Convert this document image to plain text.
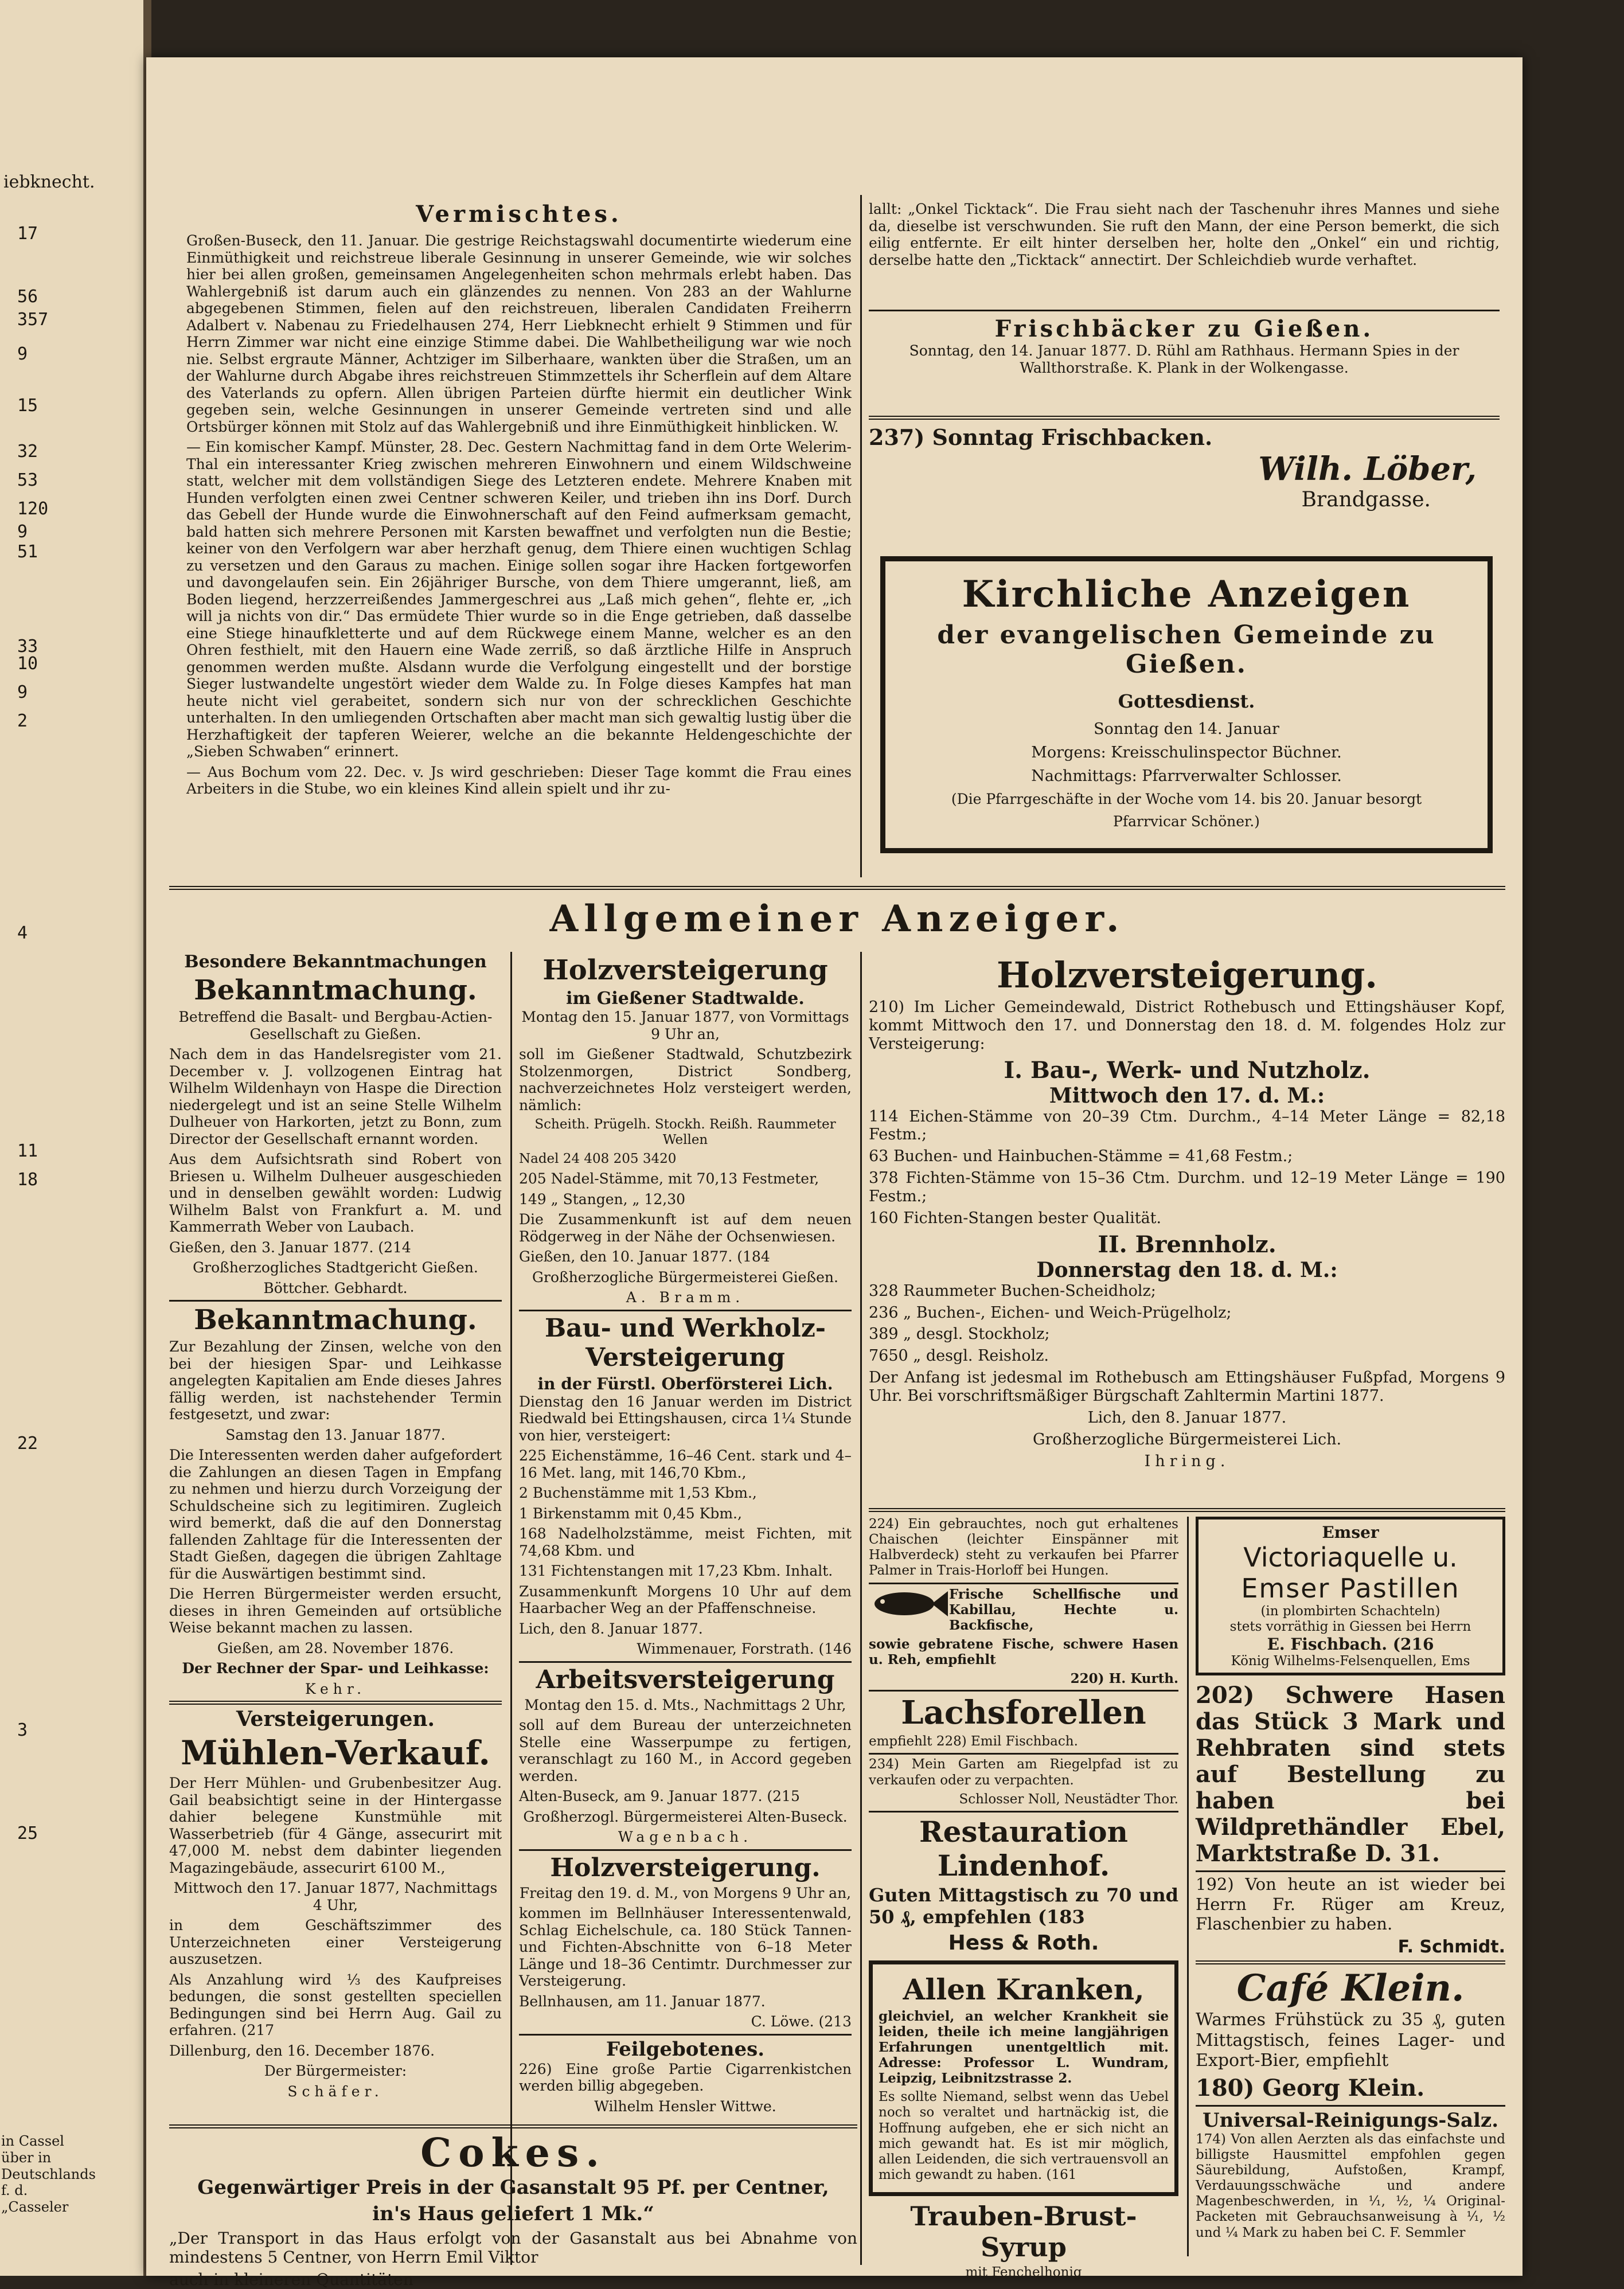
iebknecht.
17
56
357
9
15
32
53
120
9
51
33
10
9
2
4
11
18
22
3
25
in Cassel über in Deutschlands f. d. „Casseler
Vermischtes.

Großen-Buseck, den 11. Januar. Die gestrige Reichstagswahl documentirte wiederum eine Einmüthigkeit und reichstreue liberale Gesinnung in unserer Gemeinde, wie wir solches hier bei allen großen, gemeinsamen Angelegenheiten schon mehrmals erlebt haben. Das Wahlergebniß ist darum auch ein glänzendes zu nennen. Von 283 an der Wahlurne abgegebenen Stimmen, fielen auf den reichstreuen, liberalen Candidaten Freiherrn Adalbert v. Nabenau zu Friedelhausen 274, Herr Liebknecht erhielt 9 Stimmen und für Herrn Zimmer war nicht eine einzige Stimme dabei. Die Wahlbetheiligung war wie noch nie. Selbst ergraute Männer, Achtziger im Silberhaare, wankten über die Straßen, um an der Wahlurne durch Abgabe ihres reichstreuen Stimmzettels ihr Scherflein auf dem Altare des Vaterlands zu opfern. Allen übrigen Parteien dürfte hiermit ein deutlicher Wink gegeben sein, welche Gesinnungen in unserer Gemeinde vertreten sind und alle Ortsbürger können mit Stolz auf das Wahlergebniß und ihre Einmüthigkeit hinblicken. W.

— Ein komischer Kampf. Münster, 28. Dec. Gestern Nachmittag fand in dem Orte Welerim-Thal ein interessanter Krieg zwischen mehreren Einwohnern und einem Wildschweine statt, welcher mit dem vollständigen Siege des Letzteren endete. Mehrere Knaben mit Hunden verfolgten einen zwei Centner schweren Keiler, und trieben ihn ins Dorf. Durch das Gebell der Hunde wurde die Einwohnerschaft auf den Feind aufmerksam gemacht, bald hatten sich mehrere Personen mit Karsten bewaffnet und verfolgten nun die Bestie; keiner von den Verfolgern war aber herzhaft genug, dem Thiere einen wuchtigen Schlag zu versetzen und den Garaus zu machen. Einige sollen sogar ihre Hacken fortgeworfen und davongelaufen sein. Ein 26jähriger Bursche, von dem Thiere umgerannt, ließ, am Boden liegend, herzzerreißendes Jammergeschrei aus „Laß mich gehen“, flehte er, „ich will ja nichts von dir.“ Das ermüdete Thier wurde so in die Enge getrieben, daß dasselbe eine Stiege hinaufkletterte und auf dem Rückwege einem Manne, welcher es an den Ohren festhielt, mit den Hauern eine Wade zerriß, so daß ärztliche Hilfe in Anspruch genommen werden mußte. Alsdann wurde die Verfolgung eingestellt und der borstige Sieger lustwandelte ungestört wieder dem Walde zu. In Folge dieses Kampfes hat man heute nicht viel gerabeitet, sondern sich nur von der schrecklichen Geschichte unterhalten. In den umliegenden Ortschaften aber macht man sich gewaltig lustig über die Herzhaftigkeit der tapferen Weierer, welche an die bekannte Heldengeschichte der „Sieben Schwaben“ erinnert.

— Aus Bochum vom 22. Dec. v. Js wird geschrieben: Dieser Tage kommt die Frau eines Arbeiters in die Stube, wo ein kleines Kind allein spielt und ihr zu-

lallt: „Onkel Ticktack“. Die Frau sieht nach der Taschenuhr ihres Mannes und siehe da, dieselbe ist verschwunden. Sie ruft den Mann, der eine Person bemerkt, die sich eilig entfernte. Er eilt hinter derselben her, holte den „Onkel“ ein und richtig, derselbe hatte den „Ticktack“ annectirt. Der Schleichdieb wurde verhaftet.

Frischbäcker zu Gießen.

Sonntag, den 14. Januar 1877. D. Rühl am Rathhaus. Hermann Spies in der Wallthorstraße. K. Plank in der Wolkengasse.

237) Sonntag Frischbacken.
Wilh. Löber,
Brandgasse.
Kirchliche Anzeigen
der evangelischen Gemeinde zu Gießen.
Gottesdienst.
Sonntag den 14. Januar
Morgens: Kreisschulinspector Büchner.
Nachmittags: Pfarrverwalter Schlosser.
(Die Pfarrgeschäfte in der Woche vom 14. bis 20. Januar besorgt
Pfarrvicar Schöner.)
Allgemeiner Anzeiger.
Besondere Bekanntmachungen
Bekanntmachung.

Betreffend die Basalt- und Bergbau-Actien-Gesellschaft zu Gießen.

Nach dem in das Handelsregister vom 21. December v. J. vollzogenen Eintrag hat Wilhelm Wildenhayn von Haspe die Direction niedergelegt und ist an seine Stelle Wilhelm Dulheuer von Harkorten, jetzt zu Bonn, zum Director der Gesellschaft ernannt worden.

Aus dem Aufsichtsrath sind Robert von Briesen u. Wilhelm Dulheuer ausgeschieden und in denselben gewählt worden: Ludwig Wilhelm Balst von Frankfurt a. M. und Kammerrath Weber von Laubach.

Gießen, den 3. Januar 1877. (214

Großherzogliches Stadtgericht Gießen.

Böttcher. Gebhardt.

Bekanntmachung.

Zur Bezahlung der Zinsen, welche von den bei der hiesigen Spar- und Leihkasse angelegten Kapitalien am Ende dieses Jahres fällig werden, ist nachstehender Termin festgesetzt, und zwar:

Samstag den 13. Januar 1877.

Die Interessenten werden daher aufgefordert die Zahlungen an diesen Tagen in Empfang zu nehmen und hierzu durch Vorzeigung der Schuldscheine sich zu legitimiren. Zugleich wird bemerkt, daß die auf den Donnerstag fallenden Zahltage für die Interessenten der Stadt Gießen, dagegen die übrigen Zahltage für die Auswärtigen bestimmt sind.

Die Herren Bürgermeister werden ersucht, dieses in ihren Gemeinden auf ortsübliche Weise bekannt machen zu lassen.

Gießen, am 28. November 1876.

Der Rechner der Spar- und Leihkasse:

Kehr.

Versteigerungen.
Mühlen-Verkauf.

Der Herr Mühlen- und Grubenbesitzer Aug. Gail beabsichtigt seine in der Hintergasse dahier belegene Kunstmühle mit Wasserbetrieb (für 4 Gänge, assecurirt mit 47,000 M. nebst dem dabinter liegenden Magazingebäude, assecurirt 6100 M.,

Mittwoch den 17. Januar 1877, Nachmittags 4 Uhr,

in dem Geschäftszimmer des Unterzeichneten einer Versteigerung auszusetzen.

Als Anzahlung wird ⅓ des Kaufpreises bedungen, die sonst gestellten speciellen Bedingungen sind bei Herrn Aug. Gail zu erfahren. (217

Dillenburg, den 16. December 1876.

Der Bürgermeister:

Schäfer.

Holzversteigerung
im Gießener Stadtwalde.

Montag den 15. Januar 1877, von Vormittags 9 Uhr an,

soll im Gießener Stadtwald, Schutzbezirk Stolzenmorgen, District Sondberg, nachverzeichnetes Holz versteigert werden, nämlich:

Scheith. Prügelh. Stockh. Reißh. Raummeter Wellen

Nadel 24 408 205 3420

205 Nadel-Stämme, mit 70,13 Festmeter,

149 „ Stangen, „ 12,30

Die Zusammenkunft ist auf dem neuen Rödgerweg in der Nähe der Ochsenwiesen.

Gießen, den 10. Januar 1877. (184

Großherzogliche Bürgermeisterei Gießen.

A. Bramm.

Bau- und Werkholz-Versteigerung
in der Fürstl. Oberförsterei Lich.

Dienstag den 16 Januar werden im District Riedwald bei Ettingshausen, circa 1¼ Stunde von hier, versteigert:

225 Eichenstämme, 16–46 Cent. stark und 4–16 Met. lang, mit 146,70 Kbm.,

2 Buchenstämme mit 1,53 Kbm.,

1 Birkenstamm mit 0,45 Kbm.,

168 Nadelholzstämme, meist Fichten, mit 74,68 Kbm. und

131 Fichtenstangen mit 17,23 Kbm. Inhalt.

Zusammenkunft Morgens 10 Uhr auf dem Haarbacher Weg an der Pfaffenschneise.

Lich, den 8. Januar 1877.

Wimmenauer, Forstrath. (146

Arbeitsversteigerung

Montag den 15. d. Mts., Nachmittags 2 Uhr,

soll auf dem Bureau der unterzeichneten Stelle eine Wasserpumpe zu fertigen, veranschlagt zu 160 M., in Accord gegeben werden.

Alten-Buseck, am 9. Januar 1877. (215

Großherzogl. Bürgermeisterei Alten-Buseck.

Wagenbach.

Holzversteigerung.

Freitag den 19. d. M., von Morgens 9 Uhr an,

kommen im Bellnhäuser Interessentenwald, Schlag Eichelschule, ca. 180 Stück Tannen- und Fichten-Abschnitte von 6–18 Meter Länge und 18–36 Centimtr. Durchmesser zur Versteigerung.

Bellnhausen, am 11. Januar 1877.

C. Löwe. (213

Feilgebotenes.

226) Eine große Partie Cigarrenkistchen werden billig abgegeben.

Wilhelm Hensler Wittwe.

Holzversteigerung.

210) Im Licher Gemeindewald, District Rothebusch und Ettingshäuser Kopf, kommt Mittwoch den 17. und Donnerstag den 18. d. M. folgendes Holz zur Versteigerung:

I. Bau-, Werk- und Nutzholz.
Mittwoch den 17. d. M.:

114 Eichen-Stämme von 20–39 Ctm. Durchm., 4–14 Meter Länge = 82,18 Festm.;

63 Buchen- und Hainbuchen-Stämme = 41,68 Festm.;

378 Fichten-Stämme von 15–36 Ctm. Durchm. und 12–19 Meter Länge = 190 Festm.;

160 Fichten-Stangen bester Qualität.

II. Brennholz.
Donnerstag den 18. d. M.:

328 Raummeter Buchen-Scheidholz;

236 „ Buchen-, Eichen- und Weich-Prügelholz;

389 „ desgl. Stockholz;

7650 „ desgl. Reisholz.

Der Anfang ist jedesmal im Rothebusch am Ettingshäuser Fußpfad, Morgens 9 Uhr. Bei vorschriftsmäßiger Bürgschaft Zahltermin Martini 1877.

Lich, den 8. Januar 1877.

Großherzogliche Bürgermeisterei Lich.

Ihring.

224) Ein gebrauchtes, noch gut erhaltenes Chaischen (leichter Einspänner mit Halbverdeck) steht zu verkaufen bei Pfarrer Palmer in Trais-Horloff bei Hungen.

Frische Schellfische und Kabillau, Hechte u. Backfische,

sowie gebratene Fische, schwere Hasen u. Reh, empfiehlt

220) H. Kurth.

Lachsforellen

empfiehlt 228) Emil Fischbach.

234) Mein Garten am Riegelpfad ist zu verkaufen oder zu verpachten.

Schlosser Noll, Neustädter Thor.

Restauration Lindenhof.

Guten Mittagstisch zu 70 und 50 ₰, empfehlen (183

Hess & Roth.

Allen Kranken,

gleichviel, an welcher Krankheit sie leiden, theile ich meine langjährigen Erfahrungen unentgeltlich mit. Adresse: Professor L. Wundram, Leipzig, Leibnitzstrasse 2.

Es sollte Niemand, selbst wenn das Uebel noch so veraltet und hartnäckig ist, die Hoffnung aufgeben, ehe er sich nicht an mich gewandt hat. Es ist mir möglich, allen Leidenden, die sich vertrauensvoll an mich gewandt zu haben. (161

Trauben-Brust-Syrup

mit Fenchelhonig

Emser
Victoriaquelle u.
Emser Pastillen
(in plombirten Schachteln)
stets vorräthig in Giessen bei Herrn
E. Fischbach. (216
König Wilhelms-Felsenquellen, Ems

202) Schwere Hasen das Stück 3 Mark und Rehbraten sind stets auf Bestellung zu haben bei Wildprethändler Ebel, Marktstraße D. 31.

192) Von heute an ist wieder bei Herrn Fr. Rüger am Kreuz, Flaschenbier zu haben.

F. Schmidt.

Café Klein.

Warmes Frühstück zu 35 ₰, guten Mittagstisch, feines Lager- und Export-Bier, empfiehlt

180) Georg Klein.

Universal-Reinigungs-Salz.

174) Von allen Aerzten als das einfachste und billigste Hausmittel empfohlen gegen Säurebildung, Aufstoßen, Krampf, Verdauungsschwäche und andere Magenbeschwerden, in ¹⁄₁, ½, ¼ Original-Packeten mit Gebrauchsanweisung à ¹⁄₁, ½ und ¼ Mark zu haben bei C. F. Semmler

Cokes.

Gegenwärtiger Preis in der Gasanstalt 95 Pf. per Centner,

in's Haus geliefert 1 Mk.“

„Der Transport in das Haus erfolgt von der Gasanstalt aus bei Abnahme von mindestens 5 Centner, von Herrn Emil Viktor

auch in kleineren Quantitäten
